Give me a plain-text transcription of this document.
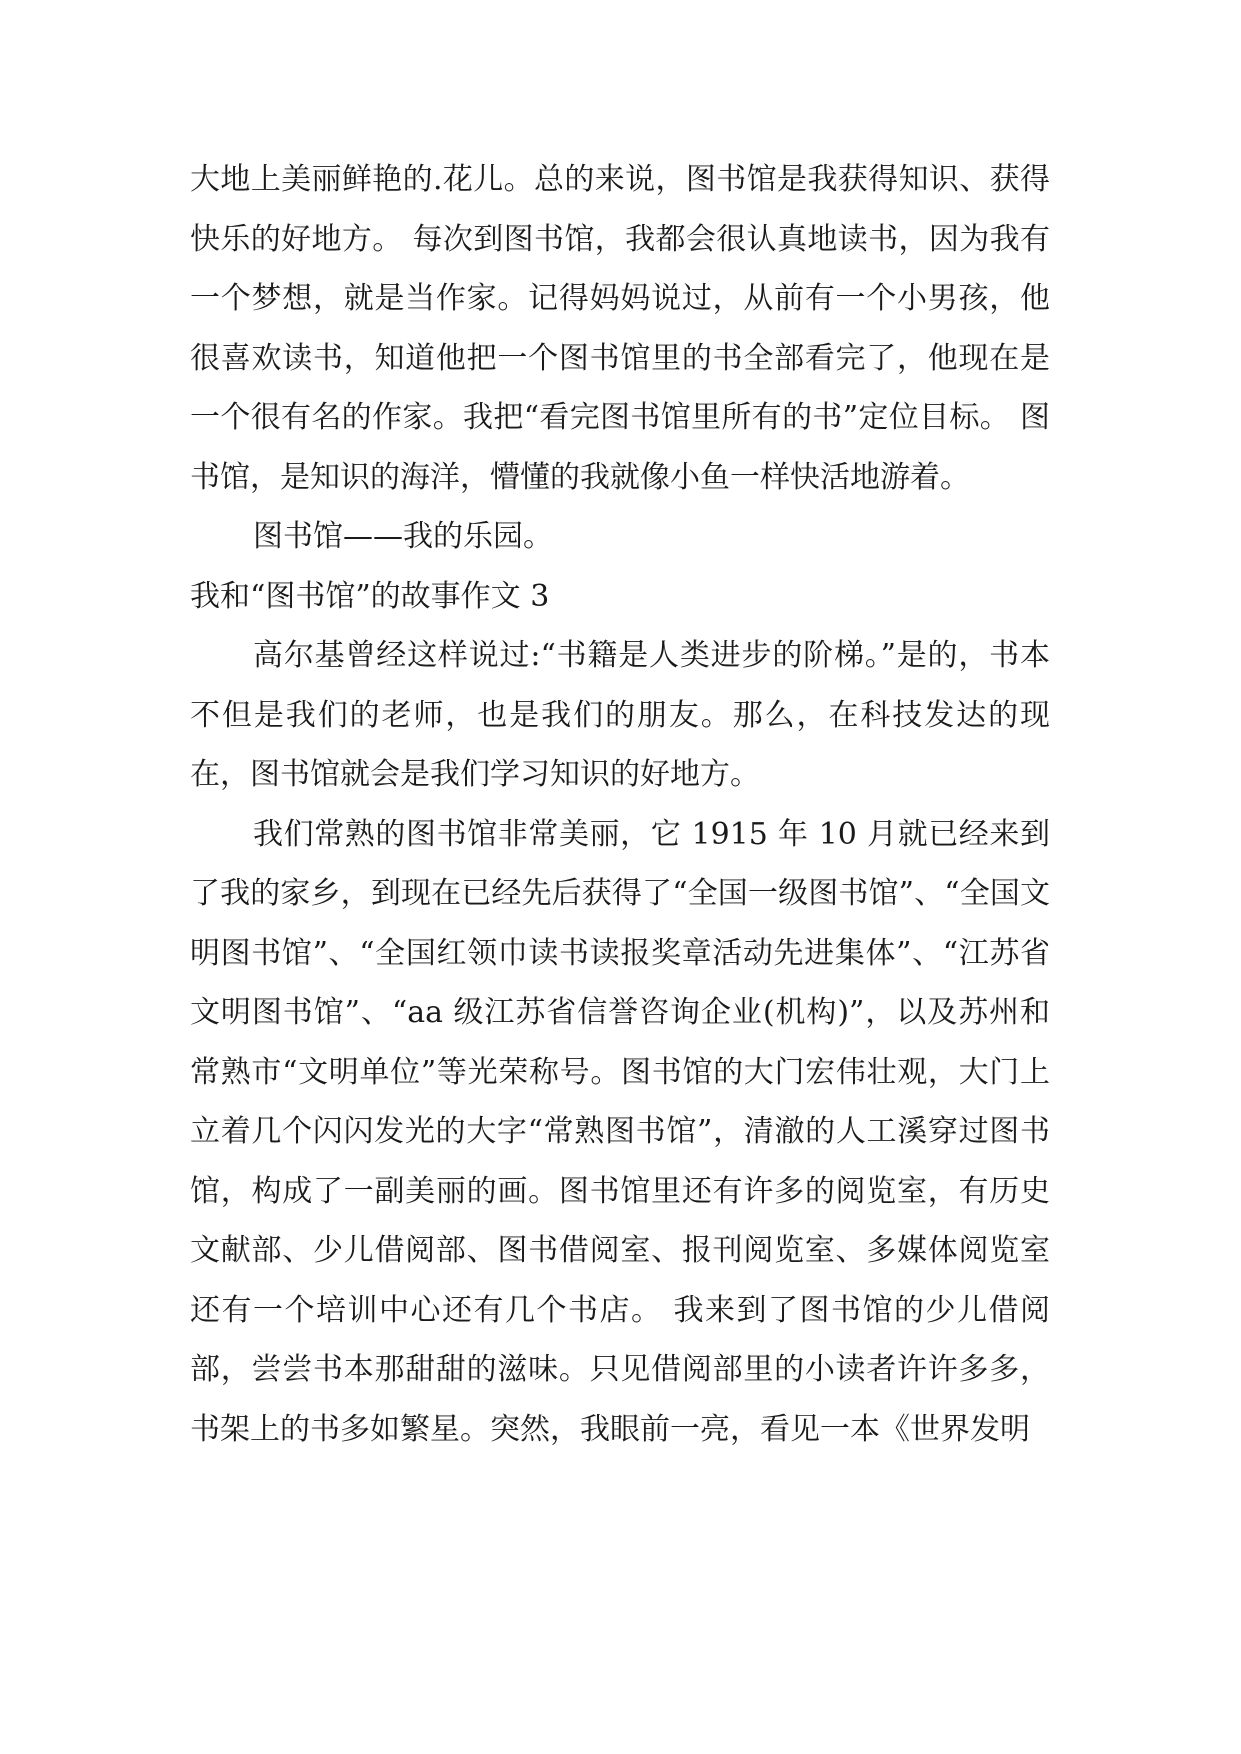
大地上美丽鲜艳的.花儿。总的来说，图书馆是我获得知识、获得快乐的好地方。 每次到图书馆，我都会很认真地读书，因为我有一个梦想，就是当作家。记得妈妈说过，从前有一个小男孩，他很喜欢读书，知道他把一个图书馆里的书全部看完了，他现在是一个很有名的作家。我把“看完图书馆里所有的书”定位目标。 图书馆，是知识的海洋，懵懂的我就像小鱼一样快活地游着。

图书馆——我的乐园。

我和“图书馆”的故事作文 3

高尔基曾经这样说过:“书籍是人类进步的阶梯。”是的，书本不但是我们的老师，也是我们的朋友。那么，在科技发达的现在，图书馆就会是我们学习知识的好地方。

我们常熟的图书馆非常美丽，它 1915 年 10 月就已经来到了我的家乡，到现在已经先后获得了“全国一级图书馆”、“全国文明图书馆”、“全国红领巾读书读报奖章活动先进集体”、“江苏省文明图书馆”、“aa 级江苏省信誉咨询企业(机构)”，以及苏州和常熟市“文明单位”等光荣称号。图书馆的大门宏伟壮观，大门上立着几个闪闪发光的大字“常熟图书馆”，清澈的人工溪穿过图书馆，构成了一副美丽的画。图书馆里还有许多的阅览室，有历史文献部、少儿借阅部、图书借阅室、报刊阅览室、多媒体阅览室还有一个培训中心还有几个书店。 我来到了图书馆的少儿借阅部，尝尝书本那甜甜的滋味。只见借阅部里的小读者许许多多，书架上的书多如繁星。突然，我眼前一亮，看见一本《世界发明
